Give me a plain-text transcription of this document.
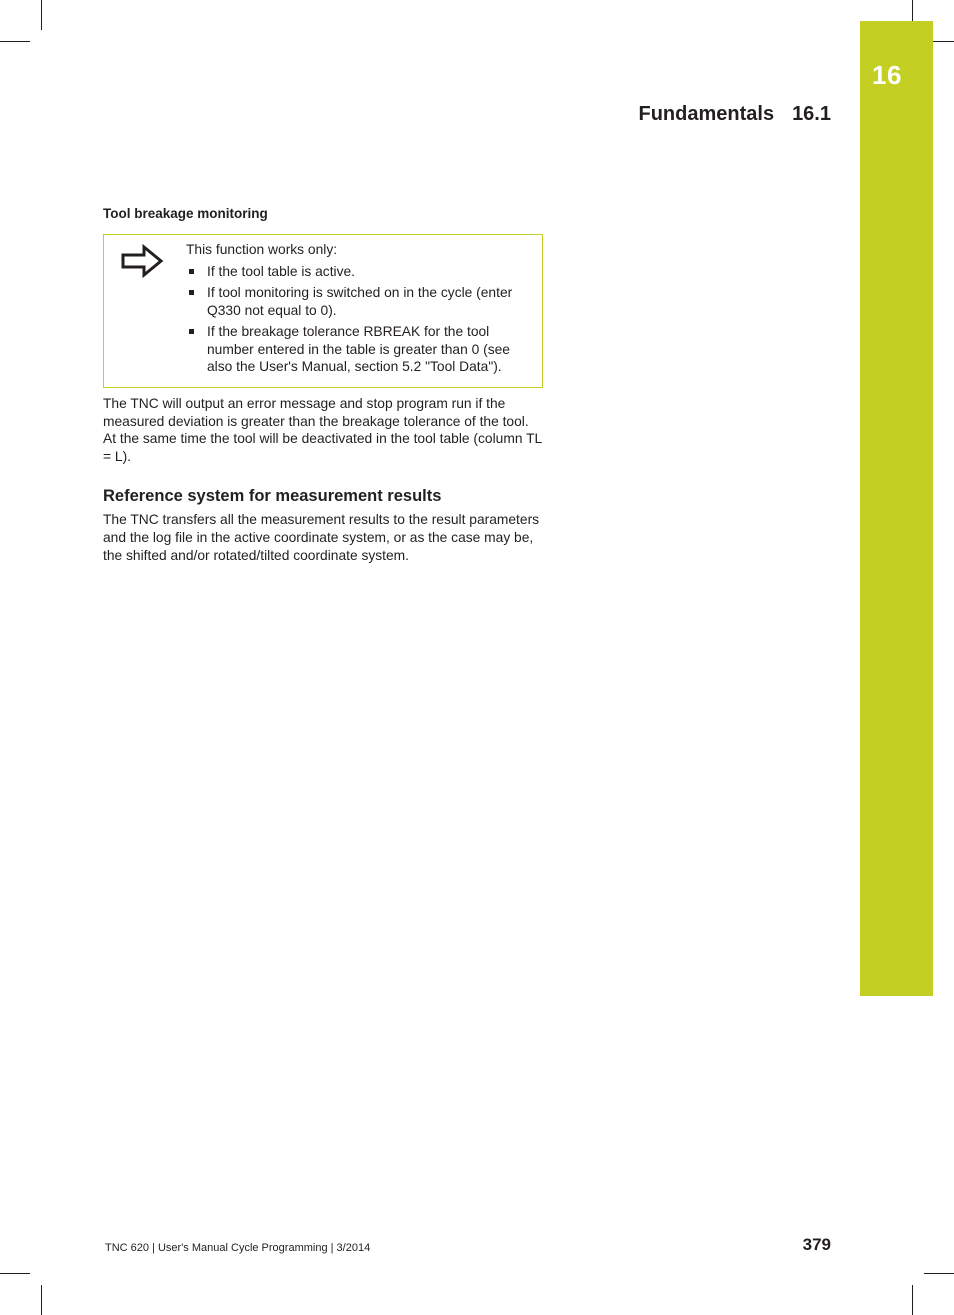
16
Fundamentals 16.1
Tool breakage monitoring

This function works only:

If the tool table is active.
If tool monitoring is switched on in the cycle (enter Q330 not equal to 0).
If the breakage tolerance RBREAK for the tool number entered in the table is greater than 0 (see also the User's Manual, section 5.2 "Tool Data").

The TNC will output an error message and stop program run if the measured deviation is greater than the breakage tolerance of the tool. At the same time the tool will be deactivated in the tool table (column TL = L).

Reference system for measurement results

The TNC transfers all the measurement results to the result parameters and the log file in the active coordinate system, or as the case may be, the shifted and/or rotated/tilted coordinate system.

TNC 620 | User's Manual Cycle Programming | 3/2014	379
